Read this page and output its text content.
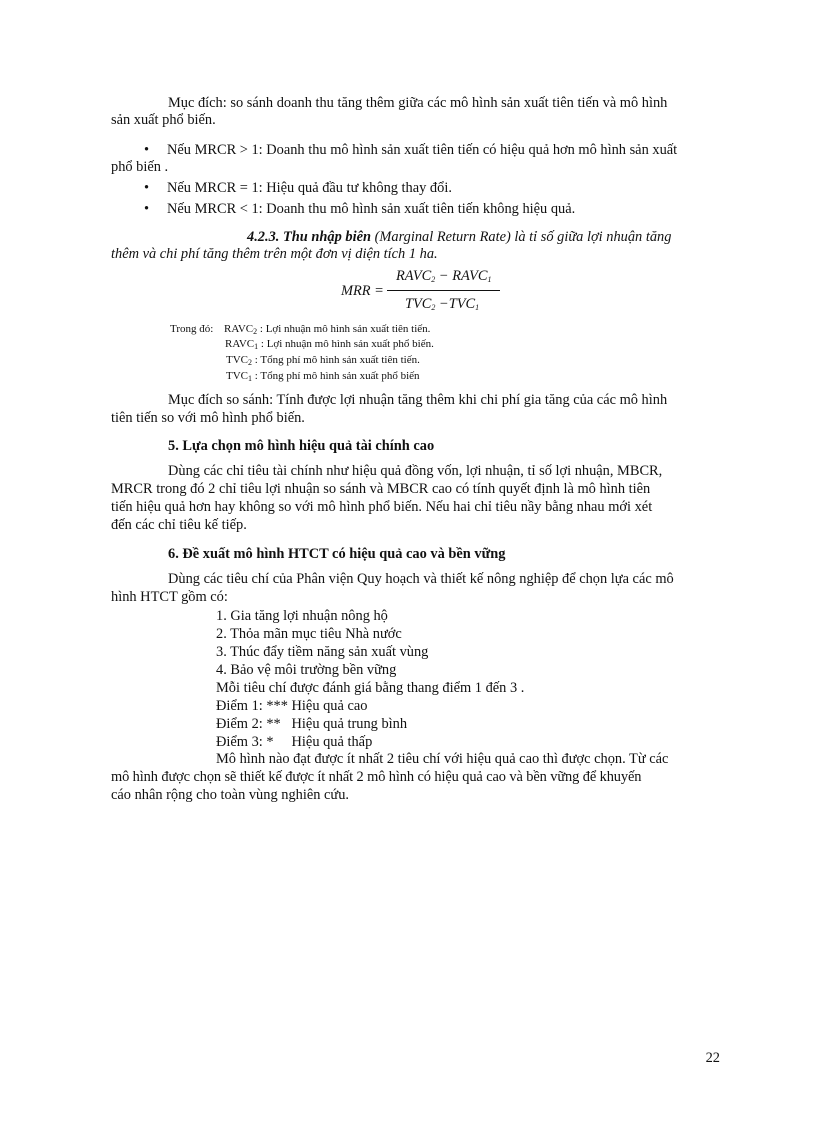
Mục đích: so sánh doanh thu tăng thêm giữa các mô hình sản xuất tiên tiến và mô hình
sản xuất phổ biến.
• Nếu MRCR > 1: Doanh thu mô hình sản xuất tiên tiến có hiệu quả hơn mô hình sản xuất
phổ biến .
• Nếu MRCR = 1: Hiệu quả đầu tư không thay đổi.
• Nếu MRCR < 1: Doanh thu mô hình sản xuất tiên tiến không hiệu quả.
4.2.3. Thu nhập biên (Marginal Return Rate) là tỉ số giữa lợi nhuận tăng
thêm và chi phí tăng thêm trên một đơn vị diện tích 1 ha.
MRR =
$RAVC_2$ − $RAVC_1$
$TVC_2 -TVC_1$
Trong đó: $RAVC_2$ : Lợi nhuận mô hình sản xuất tiên tiến.
$RAVC_1$ : Lợi nhuận mô hình sản xuất phổ biến.
$TVC_2$ : Tổng phí mô hình sản xuất tiên tiến.
$TVC_1$ : Tổng phí mô hình sản xuất phổ biến
Mục đích so sánh: Tính được lợi nhuận tăng thêm khi chi phí gia tăng của các mô hình
tiên tiến so với mô hình phổ biến.
5. Lựa chọn mô hình hiệu quả tài chính cao
Dùng các chỉ tiêu tài chính như hiệu quả đồng vốn, lợi nhuận, tỉ số lợi nhuận, MBCR,
MRCR trong đó 2 chỉ tiêu lợi nhuận so sánh và MBCR cao có tính quyết định là mô hình tiên
tiến hiệu quả hơn hay không so với mô hình phổ biến. Nếu hai chỉ tiêu nầy bằng nhau mới xét
đến các chỉ tiêu kế tiếp.
6. Đề xuất mô hình HTCT có hiệu quả cao và bền vững
Dùng các tiêu chí của Phân viện Quy hoạch và thiết kế nông nghiệp để chọn lựa các mô
hình HTCT gồm có:
1. Gia tăng lợi nhuận nông hộ
2. Thỏa mãn mục tiêu Nhà nước
3. Thúc đẩy tiềm năng sản xuất vùng
4. Bảo vệ môi trường bền vững
Mỗi tiêu chí được đánh giá bằng thang điểm 1 đến 3 .
Điểm 1: *** Hiệu quả cao
Điểm 2: **   Hiệu quả trung bình
Điểm 3: *     Hiệu quả thấp
Mô hình nào đạt được ít nhất 2 tiêu chí với hiệu quả cao thì được chọn. Từ các
mô hình được chọn sẽ thiết kế được ít nhất 2 mô hình có hiệu quả cao và bền vững để khuyến
cáo nhân rộng cho toàn vùng nghiên cứu.
22
